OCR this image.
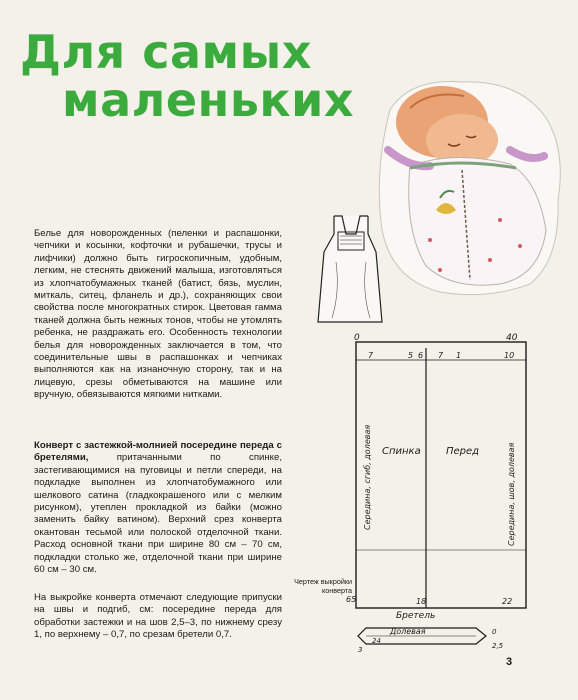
Для самых
маленьких

Белье для новорожденных (пеленки и распашонки, чепчики и косынки, кофточки и рубашечки, трусы и лифчики) должно быть гигроскопичным, удобным, легким, не стеснять движений малыша, изготовляться из хлопчатобумажных тканей (батист, бязь, муслин, миткаль, ситец, фланель и др.), сохраняющих свои свойства после многократных стирок. Цветовая гамма тканей должна быть нежных тонов, чтобы не утомлять ребенка, не раздражать его. Особенность технологии белья для новорожденных заключается в том, что соединительные швы в распашонках и чепчиках выполняются как на изнаночную сторону, так и на лицевую, срезы обметываются на машине или вручную, обвязываются мягкими нитками.

Конверт с застежкой-молнией посередине переда с бретелями, притачанными по спинке, застегивающимися на пуговицы и петли спереди, на подкладке выполнен из хлопчатобумажного или шелкового сатина (гладкокрашеного или с мелким рисунком), утеплен прокладкой из байки (можно заменить байку ватином). Верхний срез конверта окантован тесьмой или полоской отделочной ткани. Расход основной ткани при ширине 80 см – 70 см, подкладки столько же, отделочной ткани при ширине 60 см – 30 см.

На выкройке конверта отмечают следующие припуски на швы и подгиб, см: посередине переда для обработки застежки и на шов 2,5–3, по нижнему срезу 1, по верхнему – 0,7, по срезам бретели 0,7.

Чертеж выкройки конверта
0	40
7	5 6 7 1	10
65	18	22
Спинка	Перед
Середина, сгиб, долевая	Середина, шов, долевая
Бретель
Долевая
3
24
0
2,5
3
